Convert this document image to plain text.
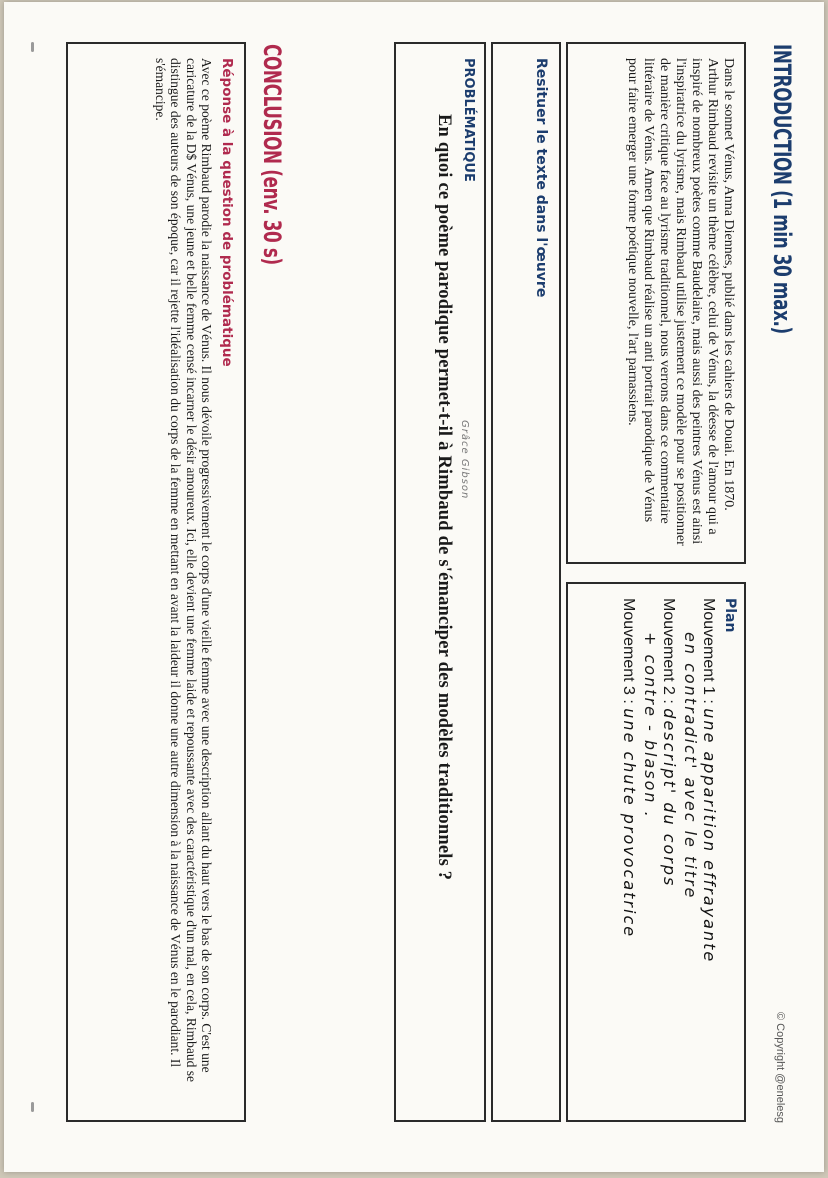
INTRODUCTION (1 min 30 max.)
© Copyright @enelesg
Dans le sonnet Vénus, Anna Diennes, publié dans les cahiers de Douai. En 1870. Arthur Rimbaud revisite un thème célèbre, celui de Vénus, la déesse de l'amour qui a inspiré de nombreux poètes comme Baudelaire, mais aussi des peintres Vénus est ainsi l'inspiratrice du lyrisme, mais Rimbaud utilise justement ce modèle pour se positionner de manière critique face au lyrisme traditionnel, nous verrons dans ce commentaire littéraire de Vénus. Amen que Rimbaud réalise un anti portrait parodique de Vénus pour faire emerger une forme poétique nouvelle, l'art parnassiens.
Plan
Mouvement 1 : une apparition effrayante
en contradict' avec le titre
Mouvement 2 : descript' du corps
+ contre - blason .
Mouvement 3 : une chute provocatrice
Resituer le texte dans l'œuvre
PROBLÉMATIQUE
En quoi ce poème parodique permet-t-il à Rimbaud de s'émanciper des modèles traditionnels ? Grâce Gibson
CONCLUSION (env. 30 s)
Réponse à la question de problématique
Avec ce poème Rimbaud parodie la naissance de Vénus. Il nous dévoile progressivement le corps d'une vieille femme avec une description allant du haut vers le bas de son corps. C'est une caricature de la D$ Vénus, une jeune et belle femme censé incarner le désir amoureux. Ici, elle devient une femme laide et repoussante avec des caractéristique d'un mal, en cela, Rimbaud se distingue des auteurs de son époque, car il rejette l'idéalisation du corps de la femme en mettant en avant la laideur il donne une autre dimension à la naissance de Vénus en le parodiant. Il s'émancipe.
